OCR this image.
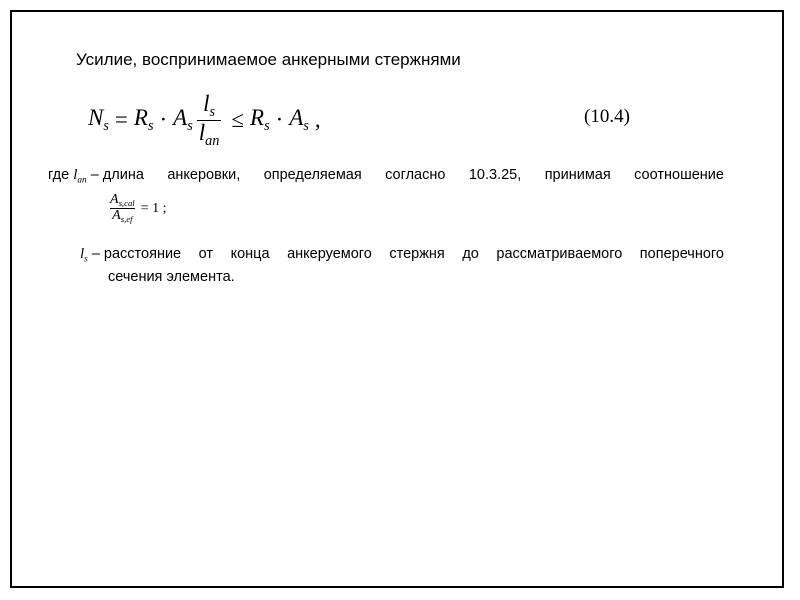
Усилие, воспринимаемое анкерными стержнями
$N_s = R_s \cdot A_s \frac{l_s}{l_{an}} \le R_s \cdot A_s$ ,	(10.4)
где $l_{an}$ – длина анкеровки, определяемая согласно 10.3.25, принимая соотношение
$\frac{A_{s,cal}}{A_{s,ef}} = 1$ ;
$l_s$ – расстояние от конца анкеруемого стержня до рассматриваемого поперечного
сечения элемента.
